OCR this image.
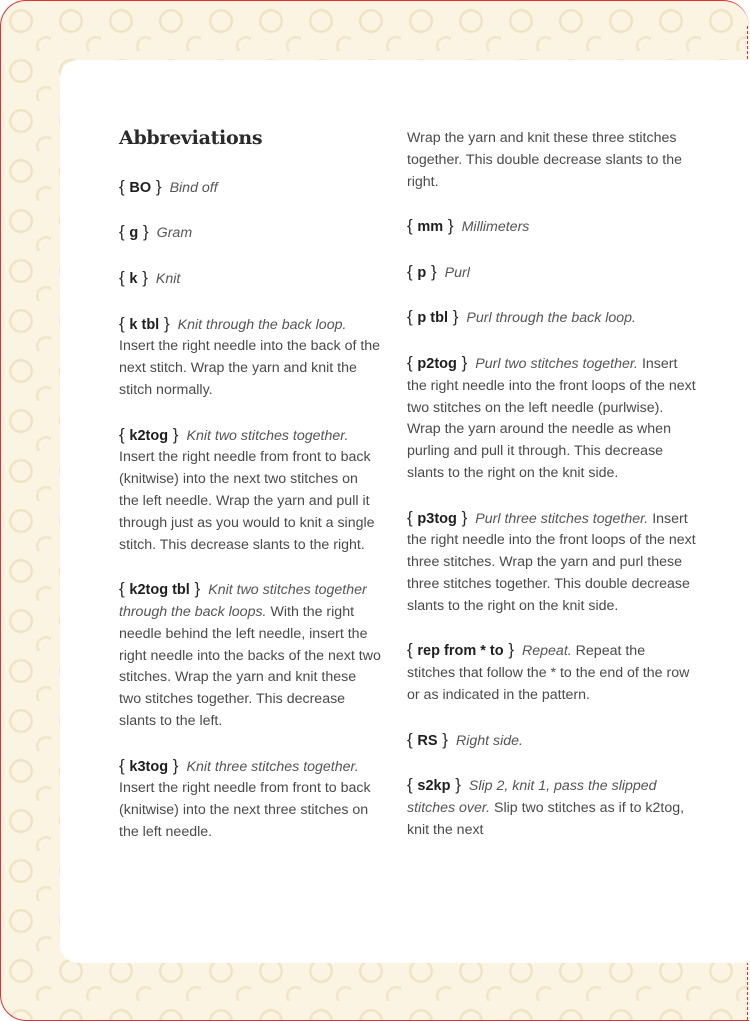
Abbreviations
{ BO } Bind off
{ g } Gram
{ k } Knit
{ k tbl } Knit through the back loop. Insert the right needle into the back of the next stitch. Wrap the yarn and knit the stitch normally.
{ k2tog } Knit two stitches together. Insert the right needle from front to back (knitwise) into the next two stitches on the left needle. Wrap the yarn and pull it through just as you would to knit a single stitch. This decrease slants to the right.
{ k2tog tbl } Knit two stitches together through the back loops. With the right needle behind the left needle, insert the right needle into the backs of the next two stitches. Wrap the yarn and knit these two stitches together. This decrease slants to the left.
{ k3tog } Knit three stitches together. Insert the right needle from front to back (knitwise) into the next three stitches on the left needle.
Wrap the yarn and knit these three stitches together. This double decrease slants to the right.
{ mm } Millimeters
{ p } Purl
{ p tbl } Purl through the back loop.
{ p2tog } Purl two stitches together. Insert the right needle into the front loops of the next two stitches on the left needle (purlwise). Wrap the yarn around the needle as when purling and pull it through. This decrease slants to the right on the knit side.
{ p3tog } Purl three stitches together. Insert the right needle into the front loops of the next three stitches. Wrap the yarn and purl these three stitches together. This double decrease slants to the right on the knit side.
{ rep from * to } Repeat. Repeat the stitches that follow the * to the end of the row or as indicated in the pattern.
{ RS } Right side.
{ s2kp } Slip 2, knit 1, pass the slipped stitches over. Slip two stitches as if to k2tog, knit the next
